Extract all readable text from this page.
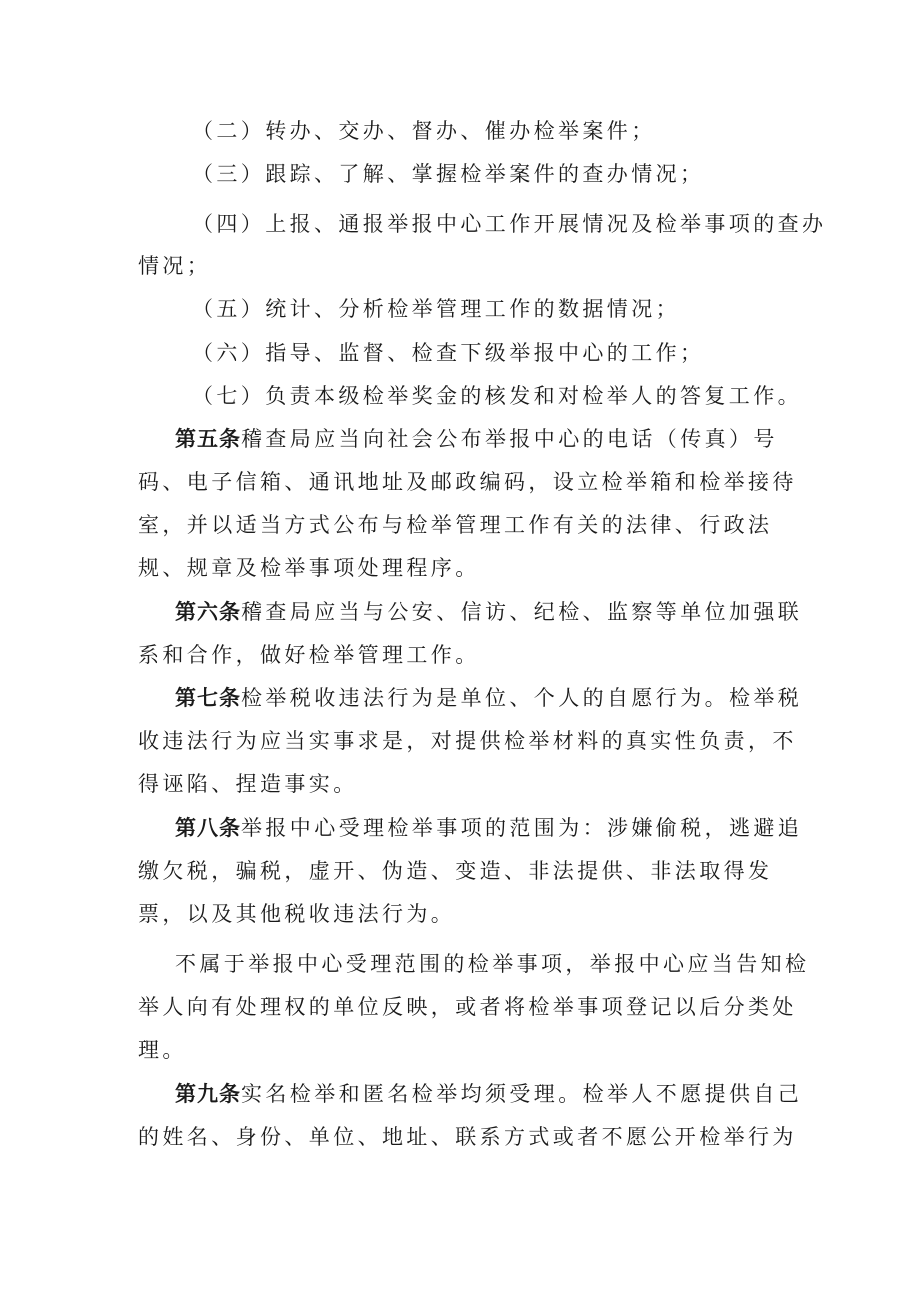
（二）转办、交办、督办、催办检举案件；
（三）跟踪、了解、掌握检举案件的查办情况；
（四）上报、通报举报中心工作开展情况及检举事项的查办
情况；
（五）统计、分析检举管理工作的数据情况；
（六）指导、监督、检查下级举报中心的工作；
（七）负责本级检举奖金的核发和对检举人的答复工作。
第五条稽查局应当向社会公布举报中心的电话（传真）号
码、电子信箱、通讯地址及邮政编码，设立检举箱和检举接待
室，并以适当方式公布与检举管理工作有关的法律、行政法
规、规章及检举事项处理程序。
第六条稽查局应当与公安、信访、纪检、监察等单位加强联
系和合作，做好检举管理工作。
第七条检举税收违法行为是单位、个人的自愿行为。检举税
收违法行为应当实事求是，对提供检举材料的真实性负责，不
得诬陷、捏造事实。
第八条举报中心受理检举事项的范围为：涉嫌偷税，逃避追
缴欠税，骗税，虚开、伪造、变造、非法提供、非法取得发
票，以及其他税收违法行为。
不属于举报中心受理范围的检举事项，举报中心应当告知检
举人向有处理权的单位反映，或者将检举事项登记以后分类处
理。
第九条实名检举和匿名检举均须受理。检举人不愿提供自己
的姓名、身份、单位、地址、联系方式或者不愿公开检举行为
